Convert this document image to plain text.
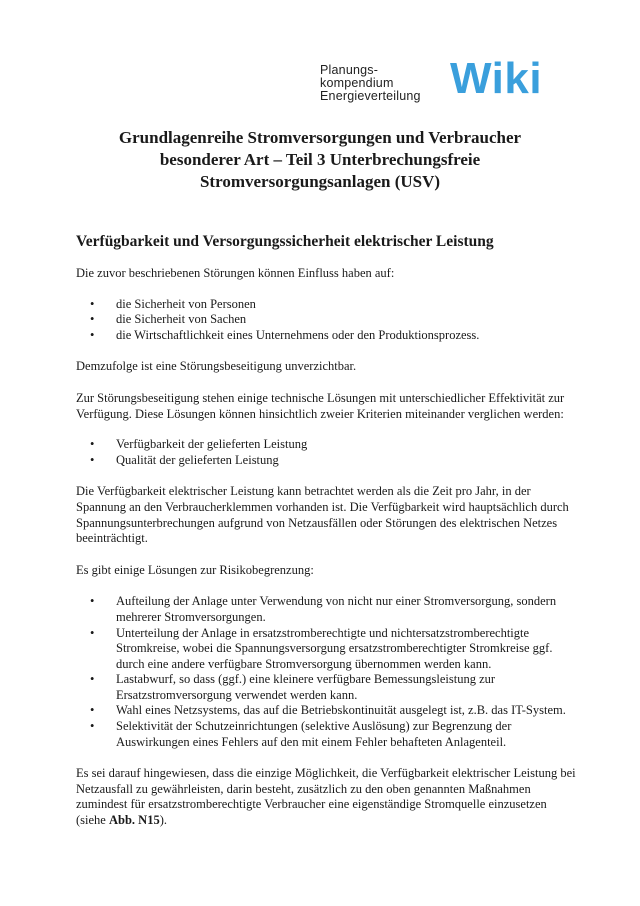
Planungs-
kompendium
Energieverteilung Wiki
Grundlagenreihe Stromversorgungen und Verbraucher
besonderer Art – Teil 3 Unterbrechungsfreie
Stromversorgungsanlagen (USV)
Verfügbarkeit und Versorgungssicherheit elektrischer Leistung

Die zuvor beschriebenen Störungen können Einfluss haben auf:

• die Sicherheit von Personen
• die Sicherheit von Sachen
• die Wirtschaftlichkeit eines Unternehmens oder den Produktionsprozess.

Demzufolge ist eine Störungsbeseitigung unverzichtbar.

Zur Störungsbeseitigung stehen einige technische Lösungen mit unterschiedlicher Effektivität zur Verfügung. Diese Lösungen können hinsichtlich zweier Kriterien miteinander verglichen werden:

• Verfügbarkeit der gelieferten Leistung
• Qualität der gelieferten Leistung

Die Verfügbarkeit elektrischer Leistung kann betrachtet werden als die Zeit pro Jahr, in der Spannung an den Verbraucherklemmen vorhanden ist. Die Verfügbarkeit wird hauptsächlich durch Spannungsunterbrechungen aufgrund von Netzausfällen oder Störungen des elektrischen Netzes beeinträchtigt.

Es gibt einige Lösungen zur Risikobegrenzung:

• Aufteilung der Anlage unter Verwendung von nicht nur einer Stromversorgung, sondern mehrerer Stromversorgungen.
• Unterteilung der Anlage in ersatzstromberechtigte und nichtersatzstromberechtigte Stromkreise, wobei die Spannungsversorgung ersatzstromberechtigter Stromkreise ggf. durch eine andere verfügbare Stromversorgung übernommen werden kann.
• Lastabwurf, so dass (ggf.) eine kleinere verfügbare Bemessungsleistung zur Ersatzstromversorgung verwendet werden kann.
• Wahl eines Netzsystems, das auf die Betriebskontinuität ausgelegt ist, z.B. das IT-System.
• Selektivität der Schutzeinrichtungen (selektive Auslösung) zur Begrenzung der Auswirkungen eines Fehlers auf den mit einem Fehler behafteten Anlagenteil.

Es sei darauf hingewiesen, dass die einzige Möglichkeit, die Verfügbarkeit elektrischer Leistung bei Netzausfall zu gewährleisten, darin besteht, zusätzlich zu den oben genannten Maßnahmen zumindest für ersatzstromberechtigte Verbraucher eine eigenständige Stromquelle einzusetzen (siehe Abb. N15).
